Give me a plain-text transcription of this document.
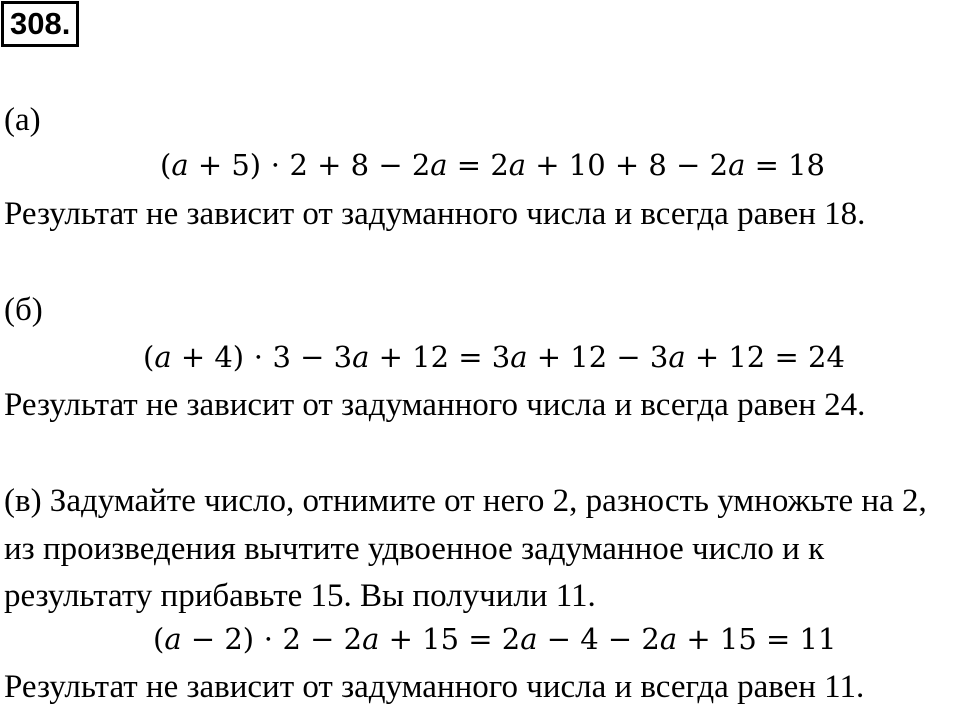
308.
(а)
(𝑎 + 5) ⋅ 2 + 8 − 2𝑎 = 2𝑎 + 10 + 8 − 2𝑎 = 18
Результат не зависит от задуманного числа и всегда равен 18.
(б)
(𝑎 + 4) ⋅ 3 − 3𝑎 + 12 = 3𝑎 + 12 − 3𝑎 + 12 = 24
Результат не зависит от задуманного числа и всегда равен 24.
(в) Задумайте число, отнимите от него 2, разность умножьте на 2,
из произведения вычтите удвоенное задуманное число и к
результату прибавьте 15. Вы получили 11.
(𝑎 − 2) ⋅ 2 − 2𝑎 + 15 = 2𝑎 − 4 − 2𝑎 + 15 = 11
Результат не зависит от задуманного числа и всегда равен 11.
